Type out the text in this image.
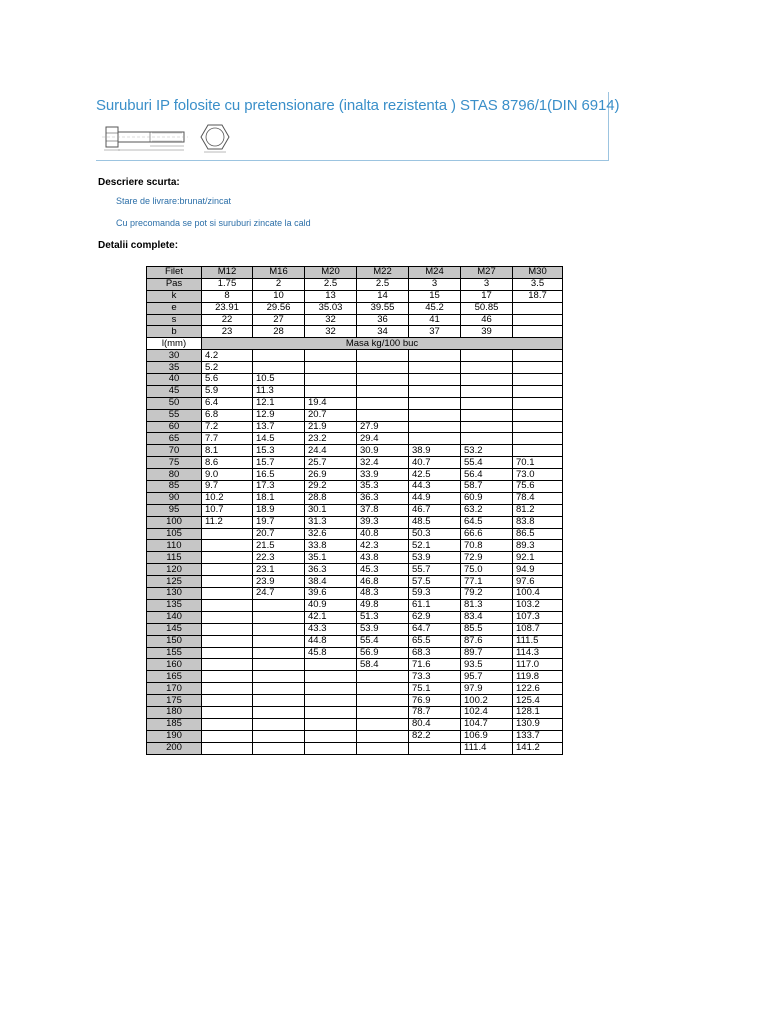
Suruburi IP folosite cu pretensionare (inalta rezistenta ) STAS 8796/1(DIN 6914)
Descriere scurta:
Stare de livrare:brunat/zincat
Cu precomanda se pot si suruburi zincate la cald
Detalii complete:
Filet	M12	M16	M20	M22	M24	M27	M30
Pas	1.75	2	2.5	2.5	3	3	3.5
k	8	10	13	14	15	17	18.7
e	23.91	29.56	35.03	39.55	45.2	50.85	
s	22	27	32	36	41	46	
b	23	28	32	34	37	39	
l(mm)	Masa kg/100 buc						
30	4.2						
35	5.2						
40	5.6	10.5					
45	5.9	11.3					
50	6.4	12.1	19.4				
55	6.8	12.9	20.7				
60	7.2	13.7	21.9	27.9			
65	7.7	14.5	23.2	29.4			
70	8.1	15.3	24.4	30.9	38.9	53.2	
75	8.6	15.7	25.7	32.4	40.7	55.4	70.1
80	9.0	16.5	26.9	33.9	42.5	56.4	73.0
85	9.7	17.3	29.2	35.3	44.3	58.7	75.6
90	10.2	18.1	28.8	36.3	44.9	60.9	78.4
95	10.7	18.9	30.1	37.8	46.7	63.2	81.2
100	11.2	19.7	31.3	39.3	48.5	64.5	83.8
105		20.7	32.6	40.8	50.3	66.6	86.5
110		21.5	33.8	42.3	52.1	70.8	89.3
115		22.3	35.1	43.8	53.9	72.9	92.1
120		23.1	36.3	45.3	55.7	75.0	94.9
125		23.9	38.4	46.8	57.5	77.1	97.6
130		24.7	39.6	48.3	59.3	79.2	100.4
135			40.9	49.8	61.1	81.3	103.2
140			42.1	51.3	62.9	83.4	107.3
145			43.3	53.9	64.7	85.5	108.7
150			44.8	55.4	65.5	87.6	111.5
155			45.8	56.9	68.3	89.7	114.3
160				58.4	71.6	93.5	117.0
165					73.3	95.7	119.8
170					75.1	97.9	122.6
175					76.9	100.2	125.4
180					78.7	102.4	128.1
185					80.4	104.7	130.9
190					82.2	106.9	133.7
200						111.4	141.2
